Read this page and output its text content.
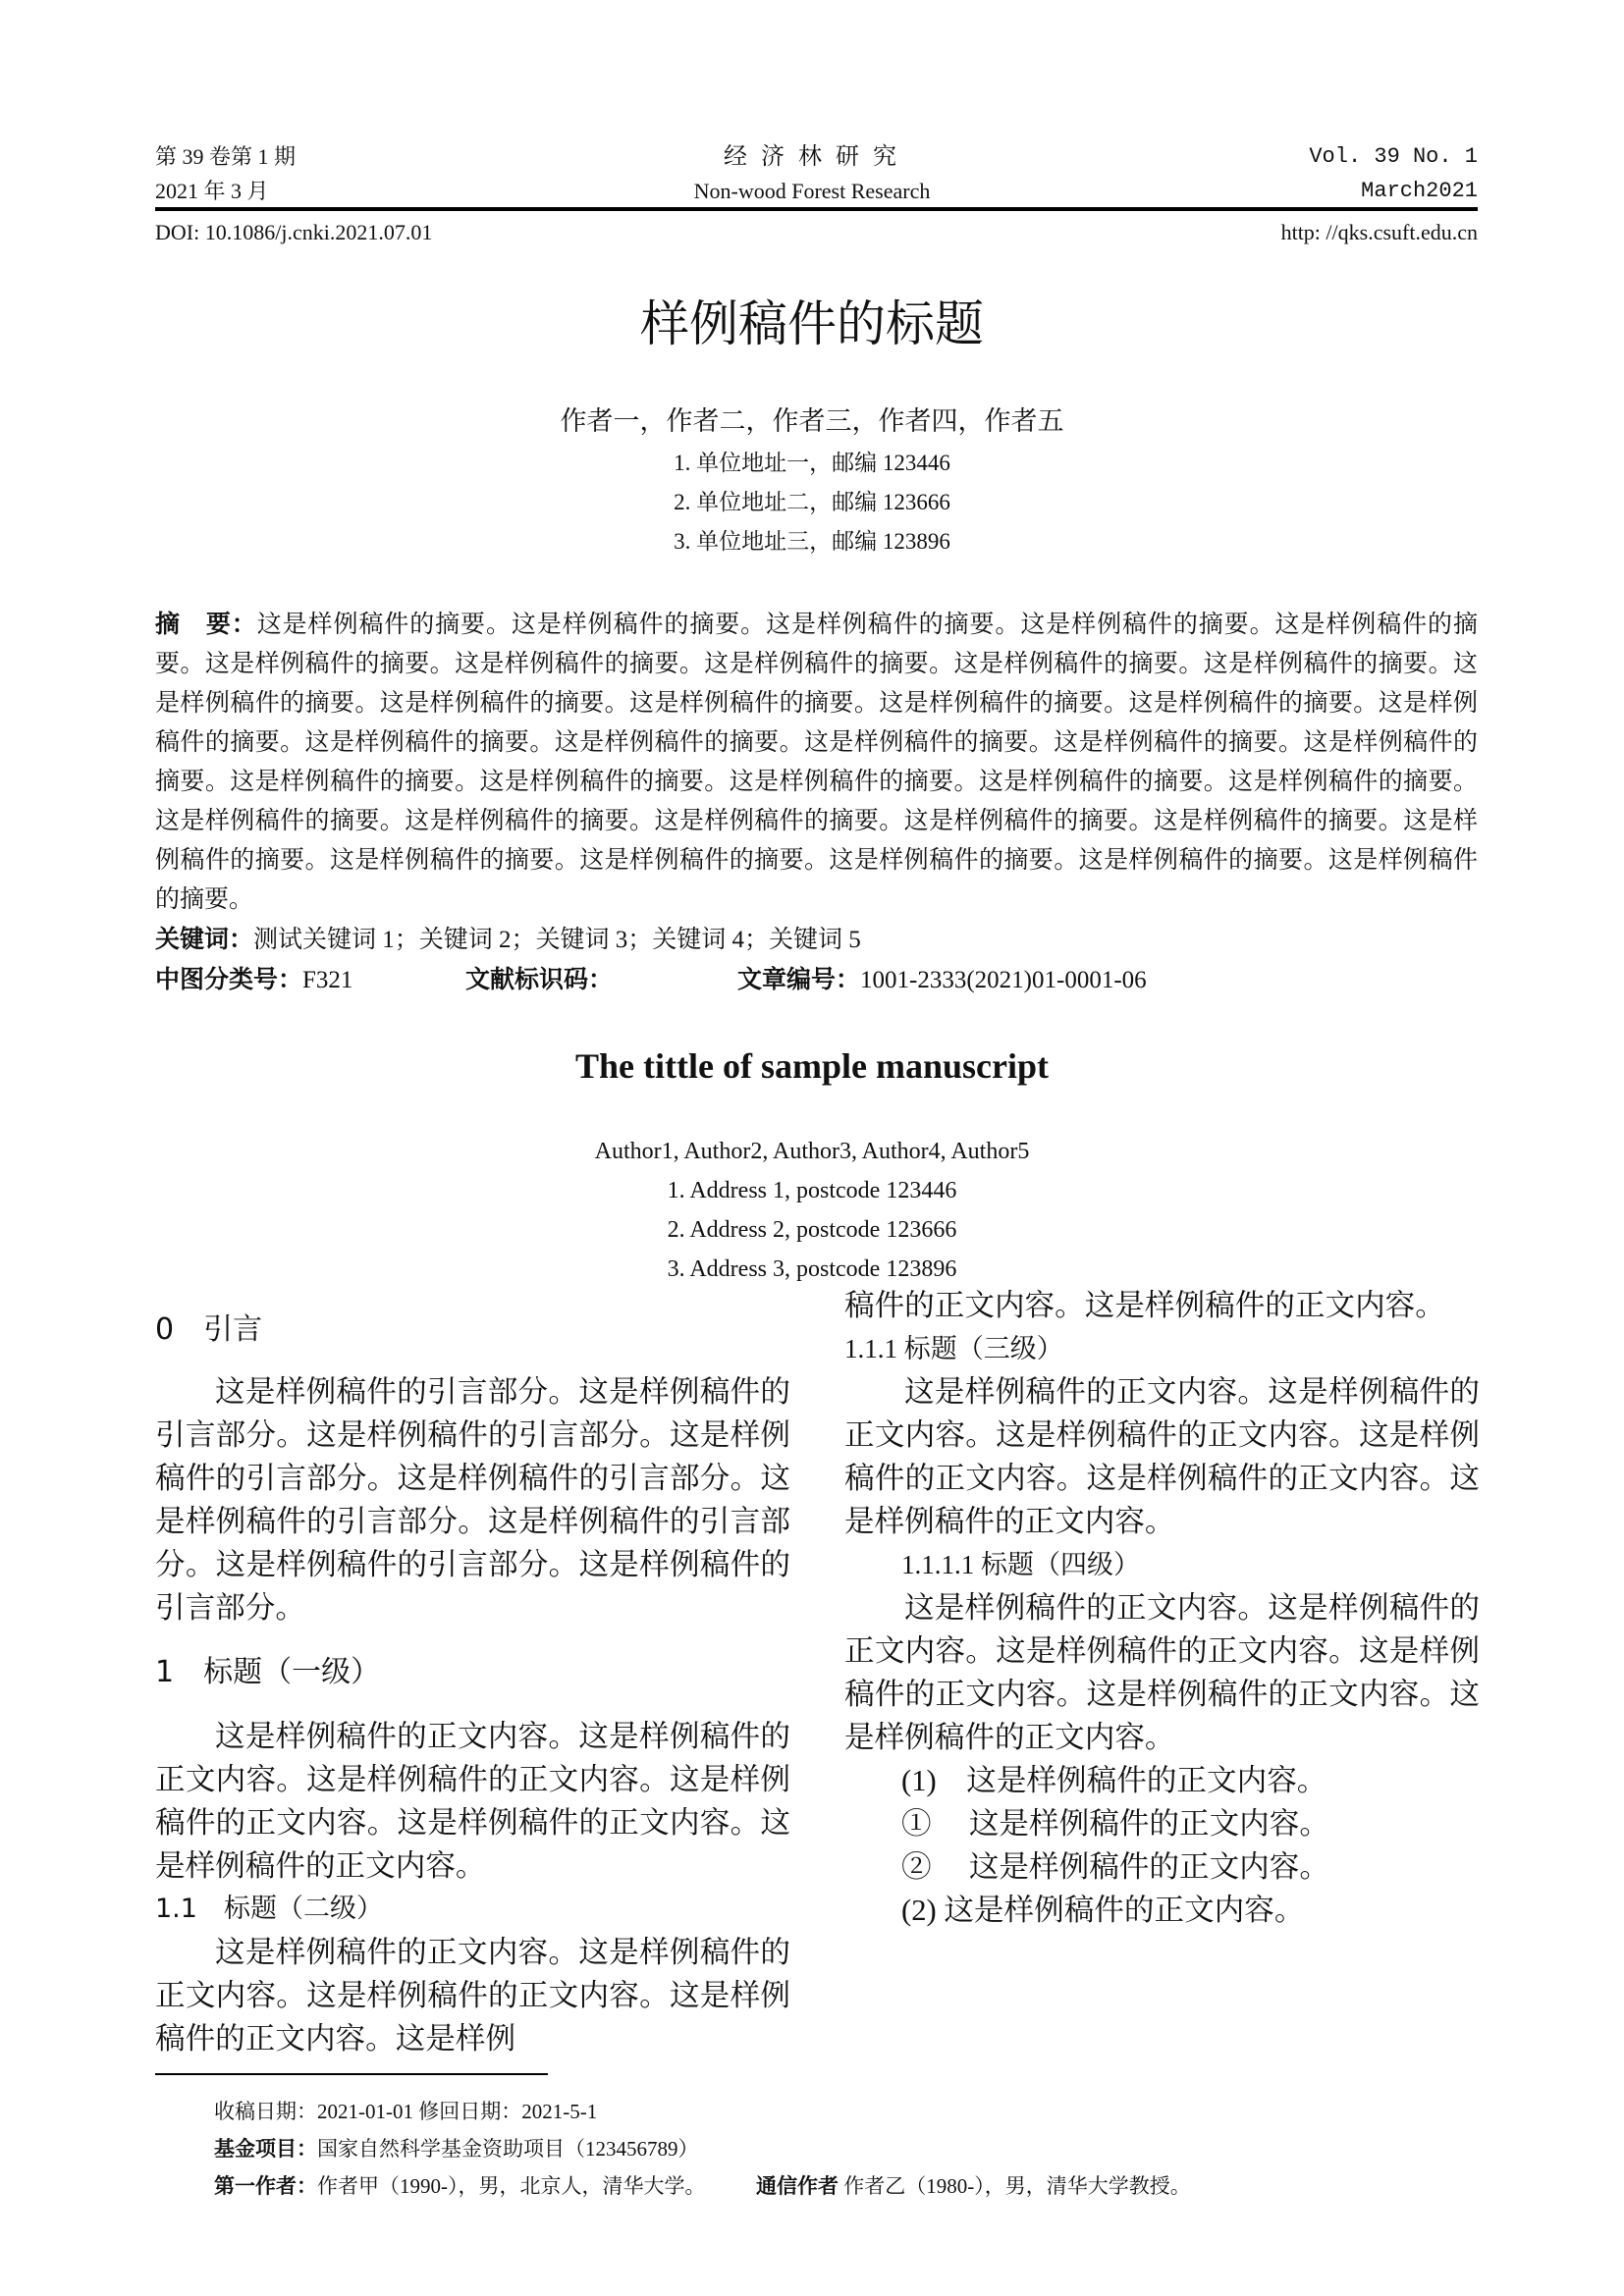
第 39 卷第 1 期
2021 年 3 月
经 济 林 研 究
Non-wood Forest Research
Vol. 39 No. 1
March2021
DOI: 10.1086/j.cnki.2021.07.01	http: //qks.csuft.edu.cn
样例稿件的标题
作者一，作者二，作者三，作者四，作者五
1. 单位地址一，邮编 123446
2. 单位地址二，邮编 123666
3. 单位地址三，邮编 123896
摘　要：这是样例稿件的摘要。这是样例稿件的摘要。这是样例稿件的摘要。这是样例稿件的摘要。这是样例稿件的摘要。这是样例稿件的摘要。这是样例稿件的摘要。这是样例稿件的摘要。这是样例稿件的摘要。这是样例稿件的摘要。这是样例稿件的摘要。这是样例稿件的摘要。这是样例稿件的摘要。这是样例稿件的摘要。这是样例稿件的摘要。这是样例稿件的摘要。这是样例稿件的摘要。这是样例稿件的摘要。这是样例稿件的摘要。这是样例稿件的摘要。这是样例稿件的摘要。这是样例稿件的摘要。这是样例稿件的摘要。这是样例稿件的摘要。这是样例稿件的摘要。这是样例稿件的摘要。这是样例稿件的摘要。这是样例稿件的摘要。这是样例稿件的摘要。这是样例稿件的摘要。这是样例稿件的摘要。这是样例稿件的摘要。这是样例稿件的摘要。这是样例稿件的摘要。这是样例稿件的摘要。这是样例稿件的摘要。这是样例稿件的摘要。
关键词：测试关键词 1；关键词 2；关键词 3；关键词 4；关键词 5
中图分类号：F321	文献标识码：	文章编号：1001-2333(2021)01-0001-06
The tittle of sample manuscript
Author1, Author2, Author3, Author4, Author5
1. Address 1, postcode 123446
2. Address 2, postcode 123666
3. Address 3, postcode 123896
0　引言
这是样例稿件的引言部分。这是样例稿件的引言部分。这是样例稿件的引言部分。这是样例稿件的引言部分。这是样例稿件的引言部分。这是样例稿件的引言部分。这是样例稿件的引言部分。这是样例稿件的引言部分。这是样例稿件的引言部分。
1　标题（一级）
这是样例稿件的正文内容。这是样例稿件的正文内容。这是样例稿件的正文内容。这是样例稿件的正文内容。这是样例稿件的正文内容。这是样例稿件的正文内容。
1.1　标题（二级）
这是样例稿件的正文内容。这是样例稿件的正文内容。这是样例稿件的正文内容。这是样例稿件的正文内容。这是样例
稿件的正文内容。这是样例稿件的正文内容。
1.1.1 标题（三级）
这是样例稿件的正文内容。这是样例稿件的正文内容。这是样例稿件的正文内容。这是样例稿件的正文内容。这是样例稿件的正文内容。这是样例稿件的正文内容。
1.1.1.1 标题（四级）
这是样例稿件的正文内容。这是样例稿件的正文内容。这是样例稿件的正文内容。这是样例稿件的正文内容。这是样例稿件的正文内容。这是样例稿件的正文内容。
(1)　这是样例稿件的正文内容。
①　 这是样例稿件的正文内容。
②　 这是样例稿件的正文内容。
(2) 这是样例稿件的正文内容。
收稿日期：2021-01-01 修回日期：2021-5-1
基金项目：国家自然科学基金资助项目（123456789）
第一作者：作者甲（1990-），男，北京人，清华大学。	通信作者 作者乙（1980-），男，清华大学教授。
